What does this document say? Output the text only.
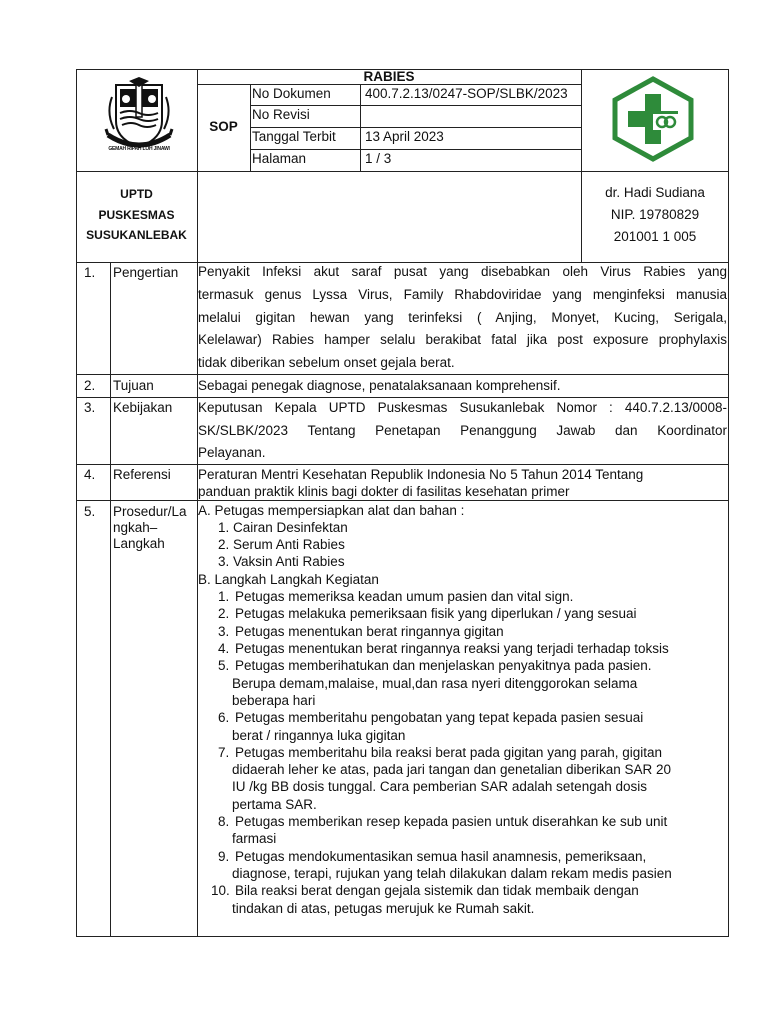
GEMAH RIPAH LOH JINAWI
RABIES
SOP
No Dokumen	400.7.2.13/0247-SOP/SLBK/2023
No Revisi
Tanggal Terbit 13 April 2023
Halaman	1 / 3
UPTD
PUSKESMAS
SUSUKANLEBAK
dr. Hadi Sudiana
NIP. 19780829
201001 1 005
1. Pengertian Penyakit Infeksi akut saraf pusat yang disebabkan oleh Virus Rabies yang
termasuk genus Lyssa Virus, Family Rhabdoviridae yang menginfeksi manusia
melalui gigitan hewan yang terinfeksi ( Anjing, Monyet, Kucing, Serigala,
Kelelawar) Rabies hamper selalu berakibat fatal jika post exposure prophylaxis
tidak diberikan sebelum onset gejala berat.
2. Tujuan	Sebagai penegak diagnose, penatalaksanaan komprehensif.
3. Kebijakan Keputusan Kepala UPTD Puskesmas Susukanlebak Nomor : 440.7.2.13/0008-
SK/SLBK/2023 Tentang Penetapan Penanggung Jawab dan Koordinator
Pelayanan.
4. Referensi Peraturan Mentri Kesehatan Republik Indonesia No 5 Tahun 2014 Tentang
panduan praktik klinis bagi dokter di fasilitas kesehatan primer
5. Prosedur/La
ngkah–
Langkah
A. Petugas mempersiapkan alat dan bahan :
1. Cairan Desinfektan
2. Serum Anti Rabies
3. Vaksin Anti Rabies
B. Langkah Langkah Kegiatan
1. Petugas memeriksa keadan umum pasien dan vital sign.
2. Petugas melakuka pemeriksaan fisik yang diperlukan / yang sesuai
3. Petugas menentukan berat ringannya gigitan
4. Petugas menentukan berat ringannya reaksi yang terjadi terhadap toksis
5. Petugas memberihatukan dan menjelaskan penyakitnya pada pasien.
Berupa demam,malaise, mual,dan rasa nyeri ditenggorokan selama
beberapa hari
6. Petugas memberitahu pengobatan yang tepat kepada pasien sesuai
berat / ringannya luka gigitan
7. Petugas memberitahu bila reaksi berat pada gigitan yang parah, gigitan
didaerah leher ke atas, pada jari tangan dan genetalian diberikan SAR 20
IU /kg BB dosis tunggal. Cara pemberian SAR adalah setengah dosis
pertama SAR.
8. Petugas memberikan resep kepada pasien untuk diserahkan ke sub unit
farmasi
9. Petugas mendokumentasikan semua hasil anamnesis, pemeriksaan,
diagnose, terapi, rujukan yang telah dilakukan dalam rekam medis pasien
10. Bila reaksi berat dengan gejala sistemik dan tidak membaik dengan
tindakan di atas, petugas merujuk ke Rumah sakit.
